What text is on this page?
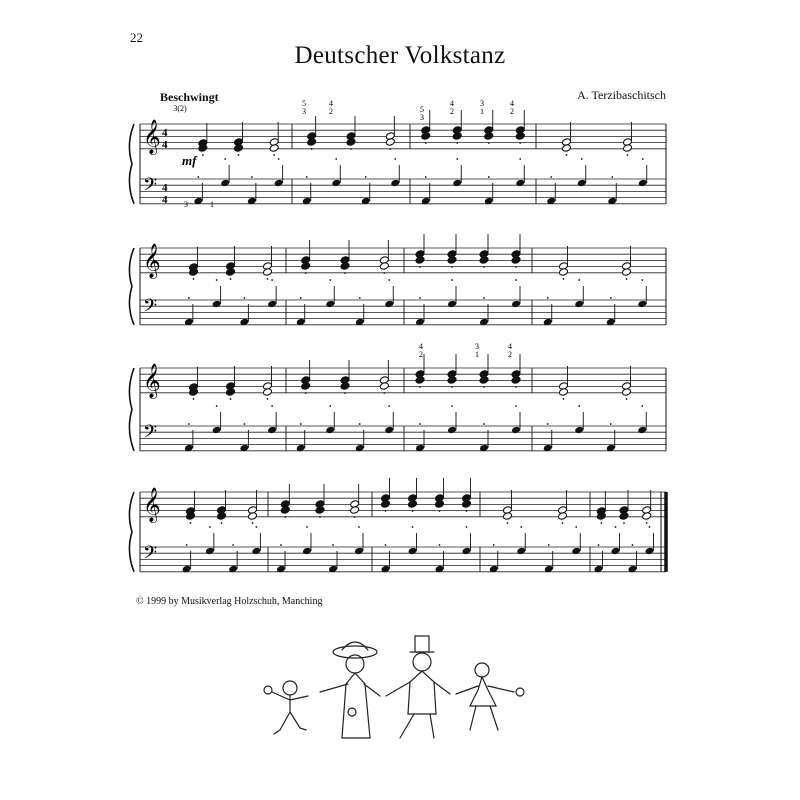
22
Deutscher Volkstanz
Beschwingt	A. Terzibaschitsch
𝄞 4
4
𝄢 4
4
𝄞
𝄢
𝄞
𝄢
𝄞
𝄢
mf
3(2)
5
3
4
2	5
3
4
2
3
1
4
2
3	1
4
2
3
1
4
2
© 1999 by Musikverlag Holzschuh, Manching
